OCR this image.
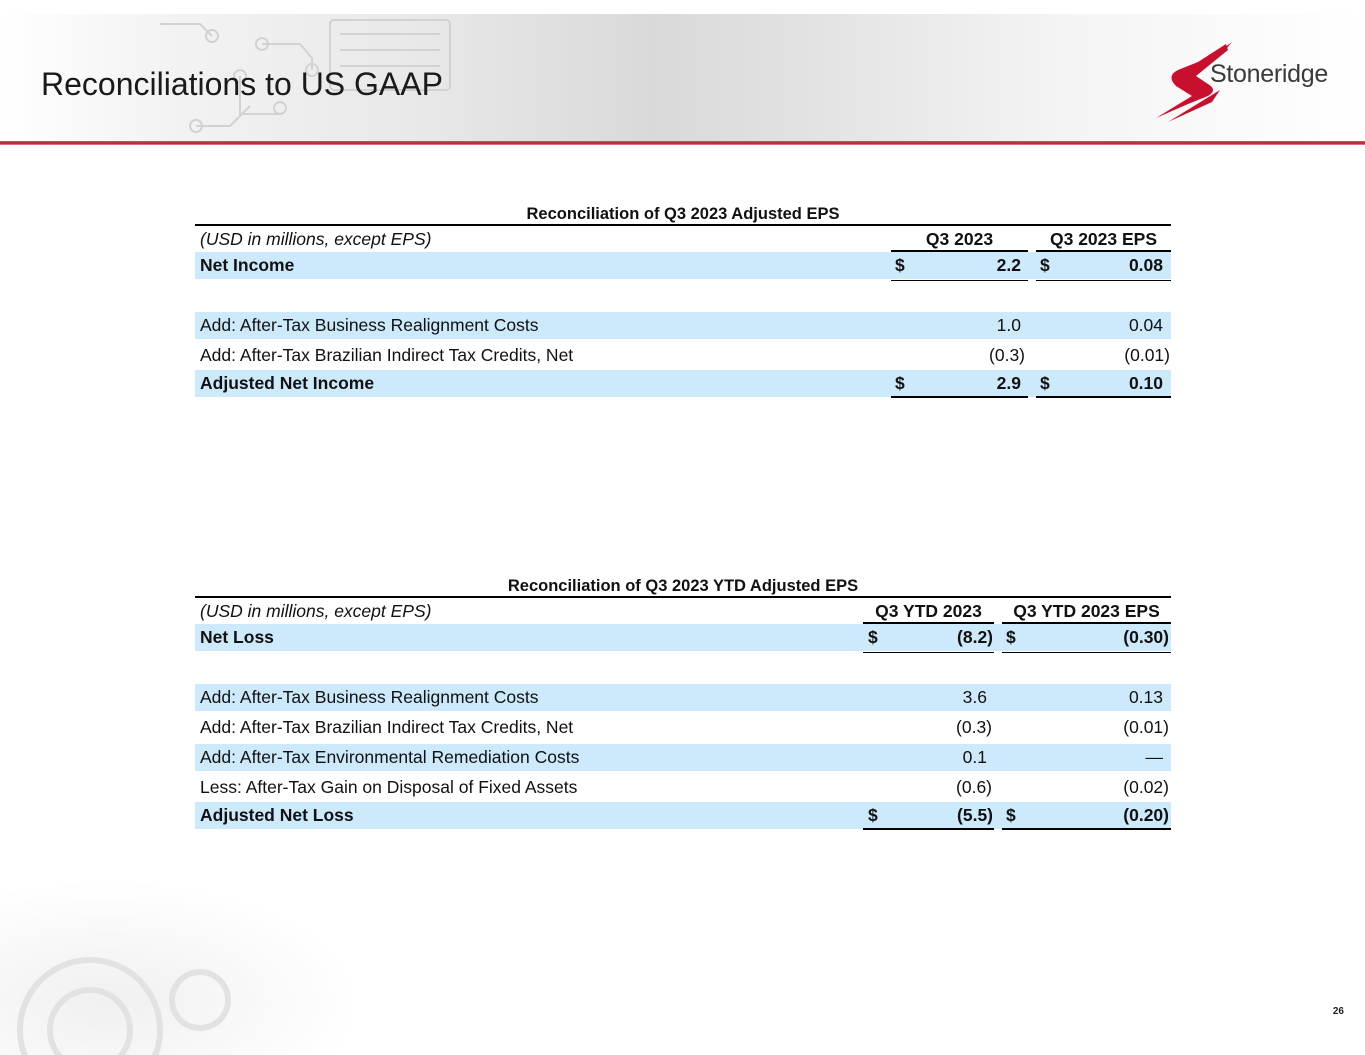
Reconciliations to US GAAP	Stoneridge
Reconciliation of Q3 2023 Adjusted EPS
(USD in millions, except EPS)	Q3 2023	Q3 2023 EPS
Net Income	$	2.2 $	0.08
Add: After-Tax Business Realignment Costs	1.0	0.04
Add: After-Tax Brazilian Indirect Tax Credits, Net	(0.3)	(0.01)
Adjusted Net Income	$	2.9 $	0.10
Reconciliation of Q3 2023 YTD Adjusted EPS
(USD in millions, except EPS)	Q3 YTD 2023	Q3 YTD 2023 EPS
Net Loss	$	(8.2) $	(0.30)
Add: After-Tax Business Realignment Costs	3.6	0.13
Add: After-Tax Brazilian Indirect Tax Credits, Net	(0.3)	(0.01)
Add: After-Tax Environmental Remediation Costs	0.1	—
Less: After-Tax Gain on Disposal of Fixed Assets	(0.6)	(0.02)
Adjusted Net Loss	$	(5.5) $	(0.20)
26
